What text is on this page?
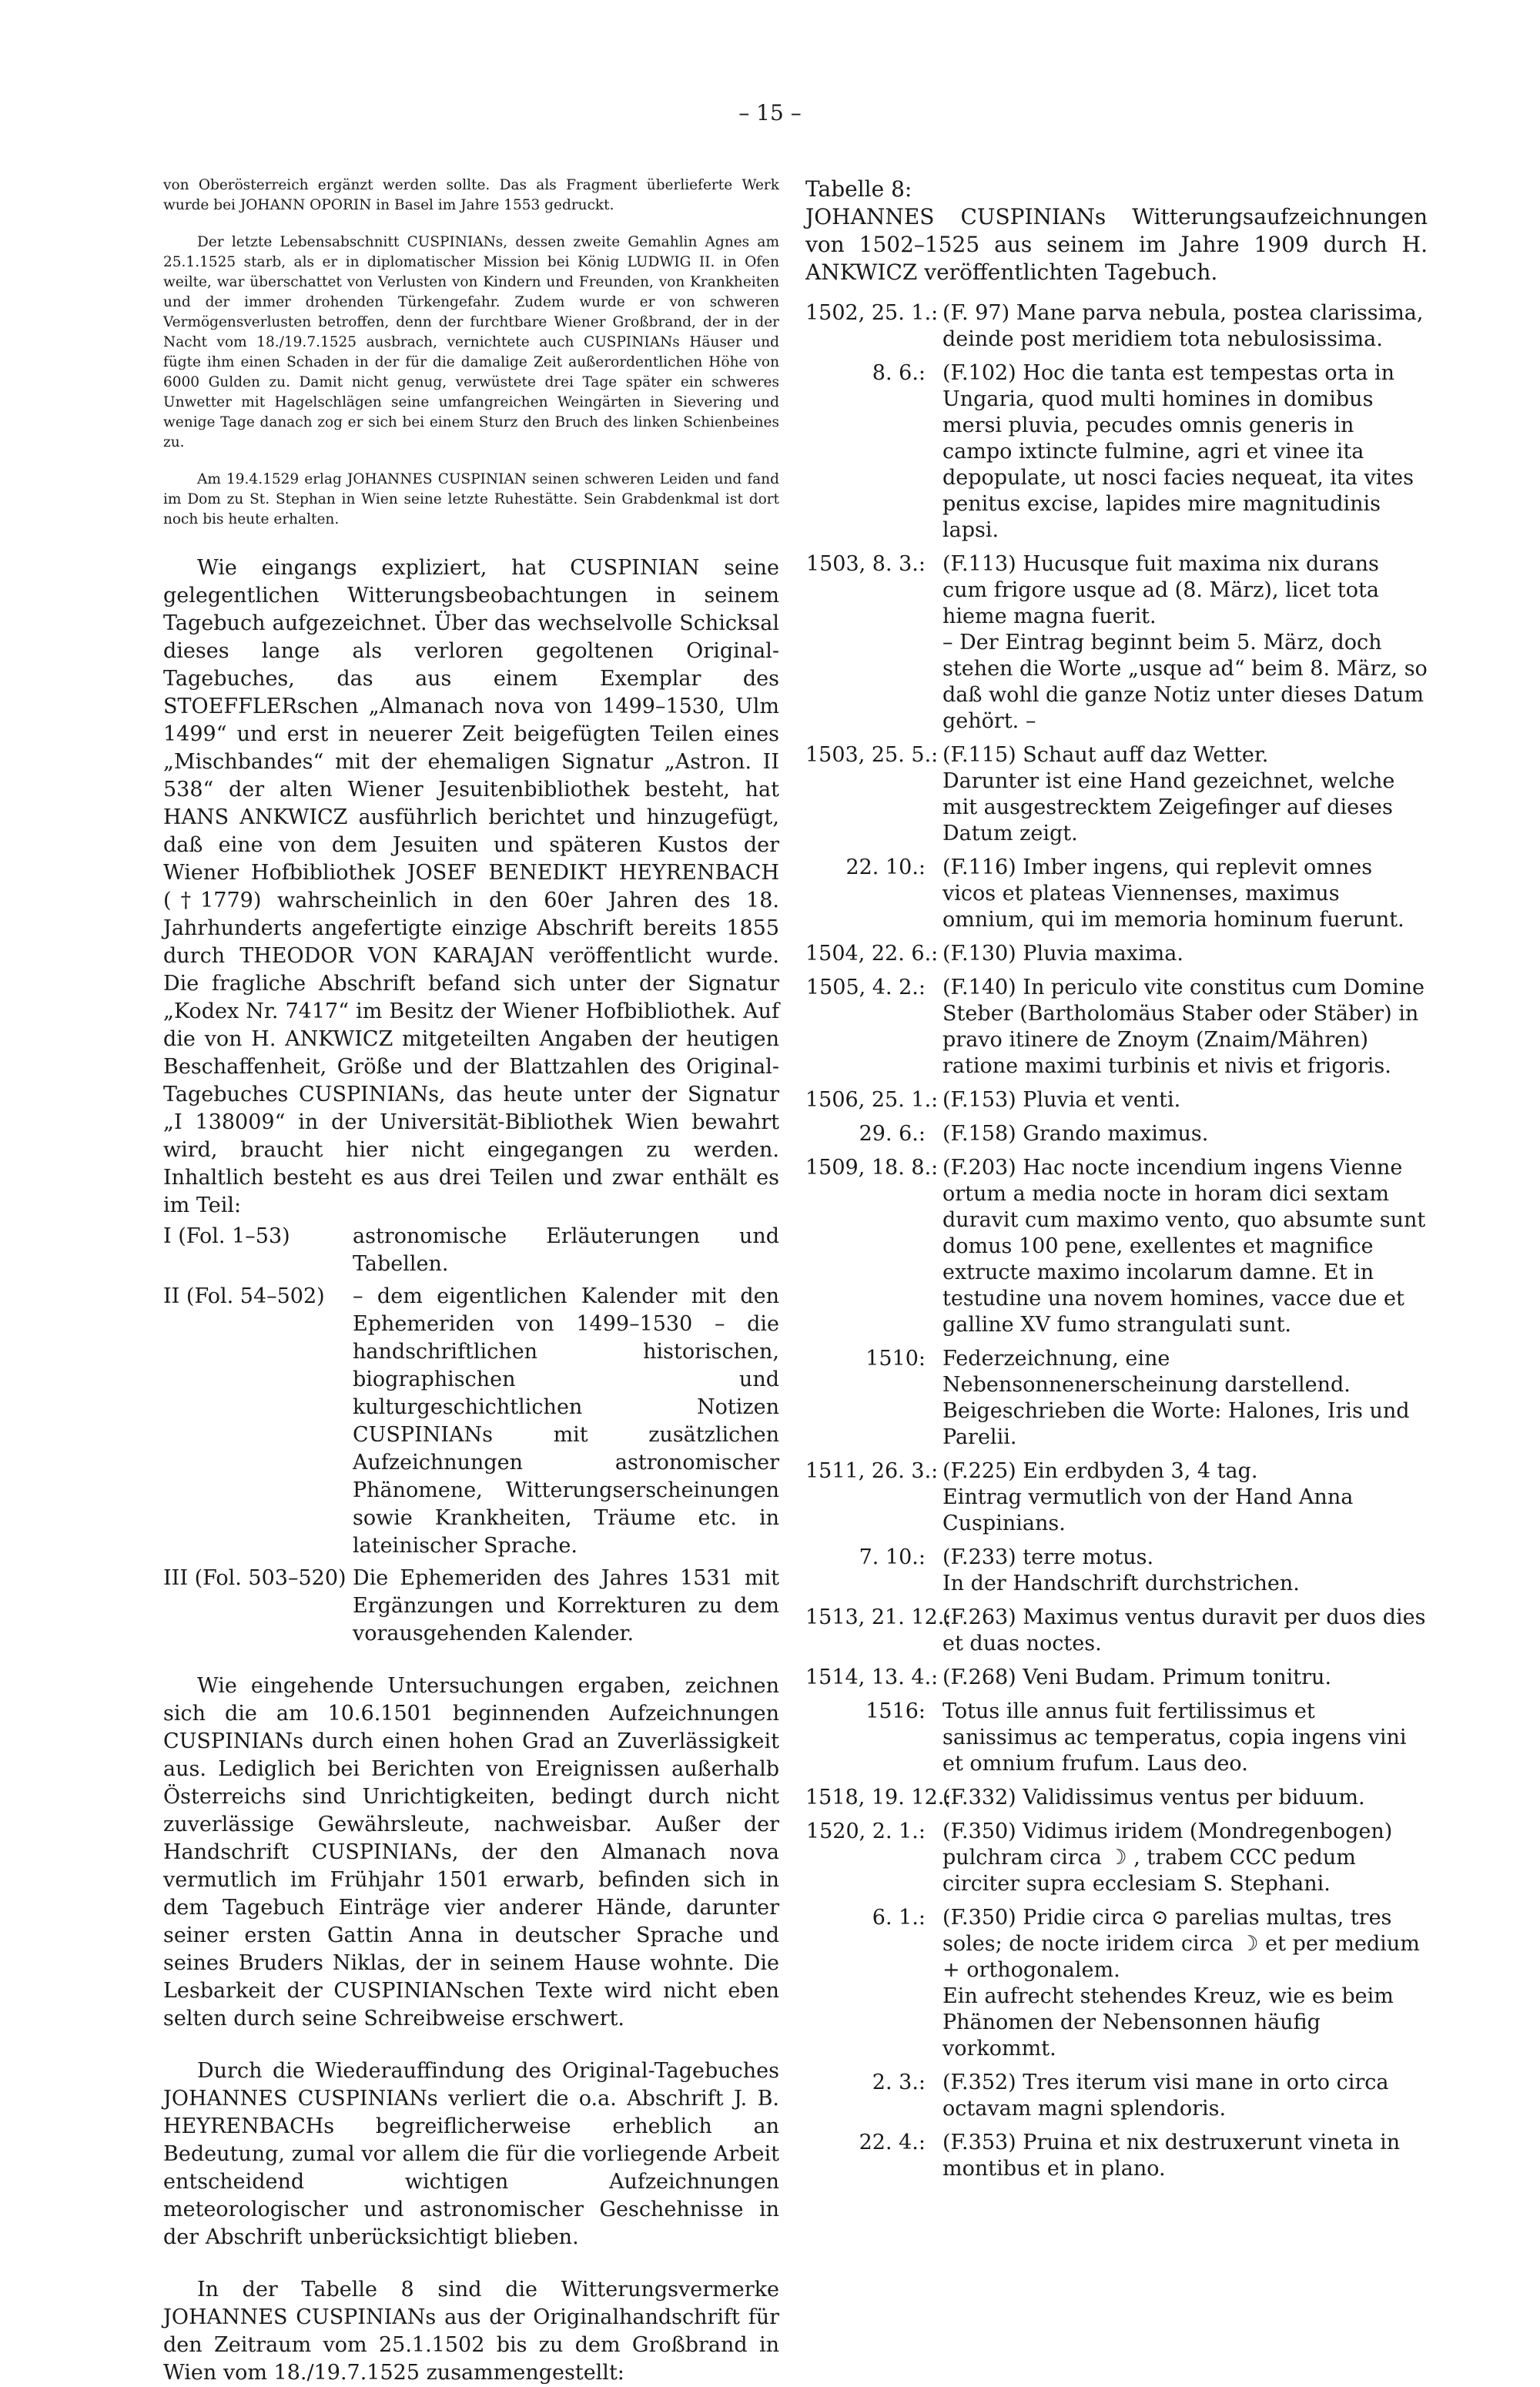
– 15 –

von Oberösterreich ergänzt werden sollte. Das als Fragment überlieferte Werk wurde bei JOHANN OPORIN in Basel im Jahre 1553 gedruckt.

Der letzte Lebensabschnitt CUSPINIANs, dessen zweite Gemahlin Agnes am 25.1.1525 starb, als er in diplomatischer Mission bei König LUDWIG II. in Ofen weilte, war überschattet von Verlusten von Kindern und Freunden, von Krankheiten und der immer drohenden Türkengefahr. Zudem wurde er von schweren Vermögensverlusten betroffen, denn der furchtbare Wiener Großbrand, der in der Nacht vom 18./19.7.1525 ausbrach, vernichtete auch CUSPINIANs Häuser und fügte ihm einen Schaden in der für die damalige Zeit außerordentlichen Höhe von 6000 Gulden zu. Damit nicht genug, verwüstete drei Tage später ein schweres Unwetter mit Hagelschlägen seine umfangreichen Weingärten in Sievering und wenige Tage danach zog er sich bei einem Sturz den Bruch des linken Schienbeines zu.

Am 19.4.1529 erlag JOHANNES CUSPINIAN seinen schweren Leiden und fand im Dom zu St. Stephan in Wien seine letzte Ruhestätte. Sein Grabdenkmal ist dort noch bis heute erhalten.

Wie eingangs expliziert, hat CUSPINIAN seine gelegentlichen Witterungsbeobachtungen in seinem Tagebuch aufgezeichnet. Über das wechselvolle Schicksal dieses lange als verloren gegoltenen Original-Tagebuches, das aus einem Exemplar des STOEFFLERschen „Almanach nova von 1499–1530, Ulm 1499“ und erst in neuerer Zeit beigefügten Teilen eines „Mischbandes“ mit der ehemaligen Signatur „Astron. II 538“ der alten Wiener Jesuitenbibliothek besteht, hat HANS ANKWICZ ausführlich berichtet und hinzugefügt, daß eine von dem Jesuiten und späteren Kustos der Wiener Hofbibliothek JOSEF BENEDIKT HEYRENBACH (†1779) wahrscheinlich in den 60er Jahren des 18. Jahrhunderts angefertigte einzige Abschrift bereits 1855 durch THEODOR VON KARAJAN veröffentlicht wurde. Die fragliche Abschrift befand sich unter der Signatur „Kodex Nr. 7417“ im Besitz der Wiener Hofbibliothek. Auf die von H. ANKWICZ mitgeteilten Angaben der heutigen Beschaffenheit, Größe und der Blattzahlen des Original-Tagebuches CUSPINIANs, das heute unter der Signatur „I 138009“ in der Universität-Bibliothek Wien bewahrt wird, braucht hier nicht eingegangen zu werden. Inhaltlich besteht es aus drei Teilen und zwar enthält es im Teil:

I (Fol. 1–53)	astronomische Erläuterungen und Tabellen.
II (Fol. 54–502)	– dem eigentlichen Kalender mit den Ephemeriden von 1499–1530 – die handschriftlichen historischen, biographischen und kulturgeschichtlichen Notizen CUSPINIANs mit zusätzlichen Aufzeichnungen astronomischer Phänomene, Witterungserscheinungen sowie Krankheiten, Träume etc. in lateinischer Sprache.
III (Fol. 503–520) Die Ephemeriden des Jahres 1531 mit Ergänzungen und Korrekturen zu dem vorausgehenden Kalender.

Wie eingehende Untersuchungen ergaben, zeichnen sich die am 10.6.1501 beginnenden Aufzeichnungen CUSPINIANs durch einen hohen Grad an Zuverlässigkeit aus. Lediglich bei Berichten von Ereignissen außerhalb Österreichs sind Unrichtigkeiten, bedingt durch nicht zuverlässige Gewährsleute, nachweisbar. Außer der Handschrift CUSPINIANs, der den Almanach nova vermutlich im Frühjahr 1501 erwarb, befinden sich in dem Tagebuch Einträge vier anderer Hände, darunter seiner ersten Gattin Anna in deutscher Sprache und seines Bruders Niklas, der in seinem Hause wohnte. Die Lesbarkeit der CUSPINIANschen Texte wird nicht eben selten durch seine Schreibweise erschwert.

Durch die Wiederauffindung des Original-Tagebuches JOHANNES CUSPINIANs verliert die o.a. Abschrift J. B. HEYRENBACHs begreiflicherweise erheblich an Bedeutung, zumal vor allem die für die vorliegende Arbeit entscheidend wichtigen Aufzeichnungen meteorologischer und astronomischer Geschehnisse in der Abschrift unberücksichtigt blieben.

In der Tabelle 8 sind die Witterungsvermerke JOHANNES CUSPINIANs aus der Originalhandschrift für den Zeitraum vom 25.1.1502 bis zu dem Großbrand in Wien vom 18./19.7.1525 zusammengestellt:

Tabelle 8:

JOHANNES CUSPINIANs Witterungsaufzeichnungen von 1502–1525 aus seinem im Jahre 1909 durch H. ANKWICZ veröffentlichten Tagebuch.

1502, 25. 1.: (F. 97) Mane parva nebula, postea clarissima, deinde post meridiem tota nebulosissima.
8. 6.: (F.102) Hoc die tanta est tempestas orta in Ungaria, quod multi homines in domibus mersi pluvia, pecudes omnis generis in campo ixtincte fulmine, agri et vinee ita depopulate, ut nosci facies nequeat, ita vites penitus excise, lapides mire magnitudinis lapsi.
1503, 8. 3.: (F.113) Hucusque fuit maxima nix durans cum frigore usque ad (8. März), licet tota hieme magna fuerit.
– Der Eintrag beginnt beim 5. März, doch stehen die Worte „usque ad“ beim 8. März, so daß wohl die ganze Notiz unter dieses Datum gehört. –
1503, 25. 5.: (F.115) Schaut auff daz Wetter.
Darunter ist eine Hand gezeichnet, welche mit ausgestrecktem Zeigefinger auf dieses Datum zeigt.
22. 10.: (F.116) Imber ingens, qui replevit omnes vicos et plateas Viennenses, maximus omnium, qui im memoria hominum fuerunt.
1504, 22. 6.: (F.130) Pluvia maxima.
1505, 4. 2.: (F.140) In periculo vite constitus cum Domine Steber (Bartholomäus Staber oder Stäber) in pravo itinere de Znoym (Znaim/Mähren) ratione maximi turbinis et nivis et frigoris.
1506, 25. 1.: (F.153) Pluvia et venti.
29. 6.: (F.158) Grando maximus.
1509, 18. 8.: (F.203) Hac nocte incendium ingens Vienne ortum a media nocte in horam dici sextam duravit cum maximo vento, quo absumte sunt domus 100 pene, exellentes et magnifice extructe maximo incolarum damne. Et in testudine una novem homines, vacce due et galline XV fumo strangulati sunt.
1510: Federzeichnung, eine Nebensonnenerscheinung darstellend. Beigeschrieben die Worte: Halones, Iris und Parelii.
1511, 26. 3.: (F.225) Ein erdbyden 3, 4 tag.
Eintrag vermutlich von der Hand Anna Cuspinians.
7. 10.: (F.233) terre motus.
In der Handschrift durchstrichen.
1513, 21. 12.:
(F.263) Maximus ventus duravit per duos dies et duas noctes.
1514, 13. 4.: (F.268) Veni Budam. Primum tonitru.
1516: Totus ille annus fuit fertilissimus et sanissimus ac temperatus, copia ingens vini et omnium frufum. Laus deo.
1518, 19. 12.:
(F.332) Validissimus ventus per biduum.
1520, 2. 1.: (F.350) Vidimus iridem (Mondregenbogen) pulchram circa ☽ , trabem CCC pedum circiter supra ecclesiam S. Stephani.
6. 1.: (F.350) Pridie circa ⊙ parelias multas, tres soles; de nocte iridem circa ☽ et per medium + orthogonalem.
Ein aufrecht stehendes Kreuz, wie es beim Phänomen der Nebensonnen häufig vorkommt.
2. 3.: (F.352) Tres iterum visi mane in orto circa octavam magni splendoris.
22. 4.: (F.353) Pruina et nix destruxerunt vineta in montibus et in plano.
